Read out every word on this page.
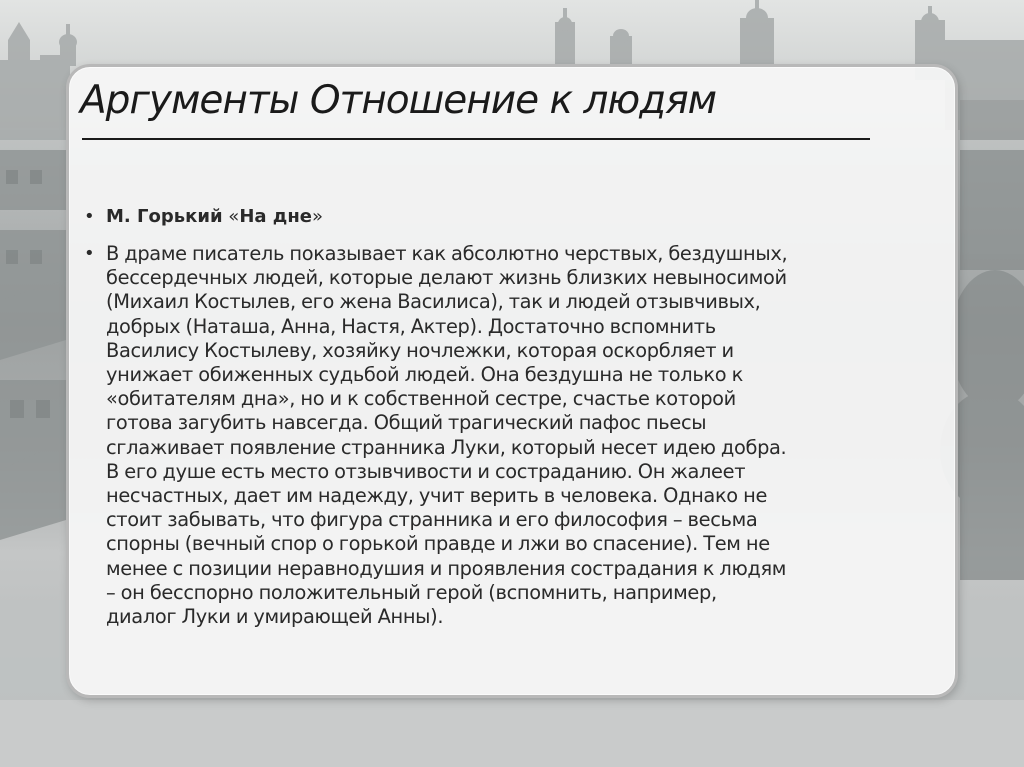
Аргументы Отношение к людям
• М. Горький «На дне»
• В драме писатель показывает как абсолютно черствых, бездушных,
бессердечных людей, которые делают жизнь близких невыносимой
(Михаил Костылев, его жена Василиса), так и людей отзывчивых,
добрых (Наташа, Анна, Настя, Актер). Достаточно вспомнить
Василису Костылеву, хозяйку ночлежки, которая оскорбляет и
унижает обиженных судьбой людей. Она бездушна не только к
«обитателям дна», но и к собственной сестре, счастье которой
готова загубить навсегда. Общий трагический пафос пьесы
сглаживает появление странника Луки, который несет идею добра.
В его душе есть место отзывчивости и состраданию. Он жалеет
несчастных, дает им надежду, учит верить в человека. Однако не
стоит забывать, что фигура странника и его философия – весьма
спорны (вечный спор о горькой правде и лжи во спасение). Тем не
менее с позиции неравнодушия и проявления сострадания к людям
– он бесспорно положительный герой (вспомнить, например,
диалог Луки и умирающей Анны).
